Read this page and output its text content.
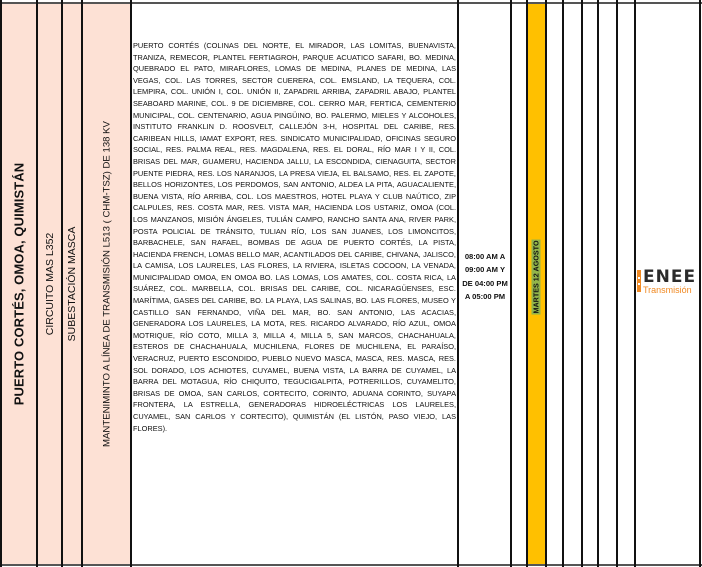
PUERTO CORTÉS, OMOA, QUIMISTÁN CIRCUITO MAS L352 SUBESTACIÓN MASCA MANTENIMINTO A LÍNEA DE TRANSMISIÓN L513 ( CHM-TSZ) DE 138 KV
PUERTO CORTÉS (COLINAS DEL NORTE, EL MIRADOR, LAS LOMITAS, BUENAVISTA, TRANIZA, REMECOR, PLANTEL FERTIAGROH, PARQUE ACUATICO SAFARI, BO. MEDINA, QUEBRADO EL PATO, MIRAFLORES, LOMAS DE MEDINA, PLANES DE MEDINA, LAS VEGAS, COL. LAS TORRES, SECTOR CUERERA, COL. EMSLAND, LA TEQUERA, COL. LEMPIRA, COL. UNIÓN I, COL. UNIÓN II, ZAPADRIL ARRIBA, ZAPADRIL ABAJO, PLANTEL SEABOARD MARINE, COL. 9 DE DICIEMBRE, COL. CERRO MAR, FERTICA, CEMENTERIO MUNICIPAL, COL. CENTENARIO, AGUA PINGÜINO, BO. PALERMO, MIELES Y ALCOHOLES, INSTITUTO FRANKLIN D. ROOSVELT, CALLEJÓN 3-H, HOSPITAL DEL CARIBE, RES. CARIBEAN HILLS, IAMAT EXPORT, RES. SINDICATO MUNICIPALIDAD, OFICINAS SEGURO SOCIAL, RES. PALMA REAL, RES. MAGDALENA, RES. EL DORAL, RÍO MAR I Y II, COL. BRISAS DEL MAR, GUAMERU, HACIENDA JALLU, LA ESCONDIDA, CIENAGUITA, SECTOR PUENTE PIEDRA, RES. LOS NARANJOS, LA PRESA VIEJA, EL BALSAMO, RES. EL ZAPOTE, BELLOS HORIZONTES, LOS PERDOMOS, SAN ANTONIO, ALDEA LA PITA, AGUACALIENTE, BUENA VISTA, RÍO ARRIBA, COL. LOS MAESTROS, HOTEL PLAYA Y CLUB NAÚTICO, ZIP CALPULES, RES. COSTA MAR, RES. VISTA MAR, HACIENDA LOS USTARIZ, OMOA (COL. LOS MANZANOS, MISIÓN ÁNGELES, TULIÁN CAMPO, RANCHO SANTA ANA, RIVER PARK, POSTA POLICIAL DE TRÁNSITO, TULIAN RÍO, LOS SAN JUANES, LOS LIMONCITOS, BARBACHELE, SAN RAFAEL, BOMBAS DE AGUA DE PUERTO CORTÉS, LA PISTA, HACIENDA FRENCH, LOMAS BELLO MAR, ACANTILADOS DEL CARIBE, CHIVANA, JALISCO, LA CAMISA, LOS LAURELES, LAS FLORES, LA RIVIERA, ISLETAS COCOON, LA VENADA, MUNICIPALIDAD OMOA, EN OMOA BO. LAS LOMAS, LOS AMATES, COL. COSTA RICA, LA SUÁREZ, COL. MARBELLA, COL. BRISAS DEL CARIBE, COL. NICARAGÜENSES, ESC. MARÍTIMA, GASES DEL CARIBE, BO. LA PLAYA, LAS SALINAS, BO. LAS FLORES, MUSEO Y CASTILLO SAN FERNANDO, VIÑA DEL MAR, BO. SAN ANTONIO, LAS ACACIAS, GENERADORA LOS LAURELES, LA MOTA, RES. RICARDO ALVARADO, RÍO AZUL, OMOA MOTRIQUE, RÍO COTO, MILLA 3, MILLA 4, MILLA 5, SAN MARCOS, CHACHAHUALA, ESTEROS DE CHACHAHUALA, MUCHILENA, FLORES DE MUCHILENA, EL PARAÍSO, VERACRUZ, PUERTO ESCONDIDO, PUEBLO NUEVO MASCA, MASCA, RES. MASCA, RES. SOL DORADO, LOS ACHIOTES, CUYAMEL, BUENA VISTA, LA BARRA DE CUYAMEL, LA BARRA DEL MOTAGUA, RÍO CHIQUITO, TEGUCIGALPITA, POTRERILLOS, CUYAMELITO, BRISAS DE OMOA, SAN CARLOS, CORTECITO, CORINTO, ADUANA CORINTO, SUYAPA FRONTERA, LA ESTRELLA, GENERADORAS HIDROELÉCTRICAS LOS LAURELES, CUYAMEL, SAN CARLOS Y CORTECITO), QUIMISTÁN (EL LISTÓN, PASO VIEJO, LAS FLORES).
08:00 AM A 09:00 AM Y DE 04:00 PM A 05:00 PM	MARTES 12 AGOSTO	ENEE
Transmisión
